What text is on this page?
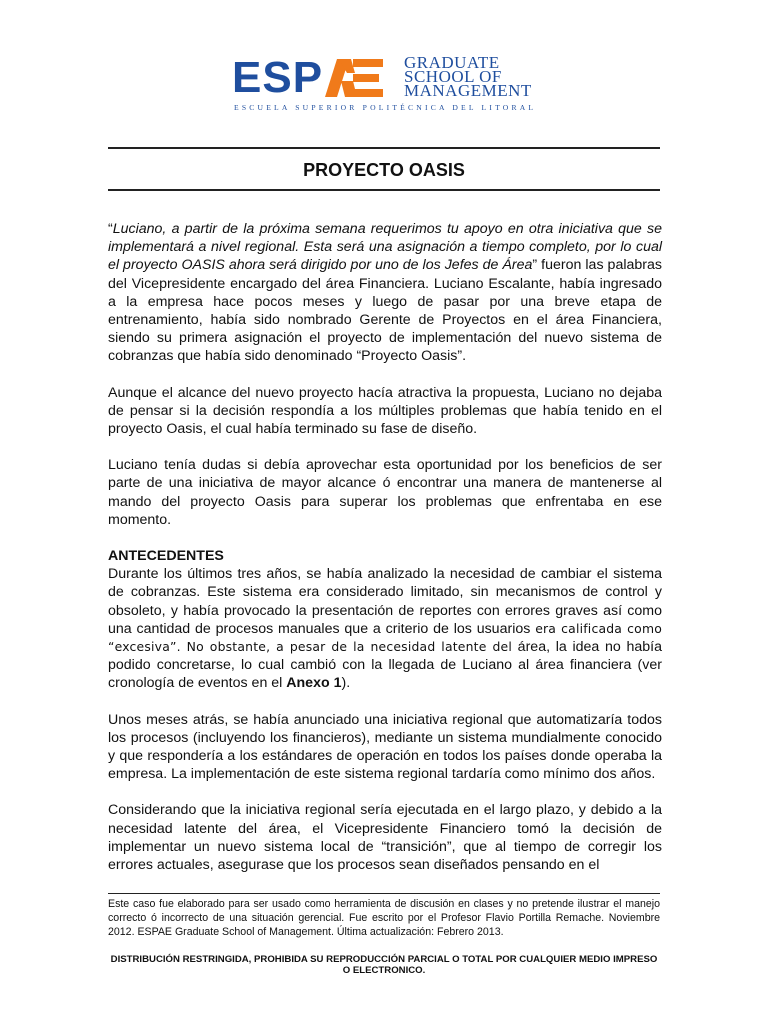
ESP	GRADUATE
SCHOOL OF
MANAGEMENT
ESCUELA SUPERIOR POLITÉCNICA DEL LITORAL
PROYECTO OASIS

“Luciano, a partir de la próxima semana requerimos tu apoyo en otra iniciativa que se implementará a nivel regional. Esta será una asignación a tiempo completo, por lo cual el proyecto OASIS ahora será dirigido por uno de los Jefes de Área” fueron las palabras del Vicepresidente encargado del área Financiera. Luciano Escalante, había ingresado a la empresa hace pocos meses y luego de pasar por una breve etapa de entrenamiento, había sido nombrado Gerente de Proyectos en el área Financiera, siendo su primera asignación el proyecto de implementación del nuevo sistema de cobranzas que había sido denominado “Proyecto Oasis”.

Aunque el alcance del nuevo proyecto hacía atractiva la propuesta, Luciano no dejaba de pensar si la decisión respondía a los múltiples problemas que había tenido en el proyecto Oasis, el cual había terminado su fase de diseño.

Luciano tenía dudas si debía aprovechar esta oportunidad por los beneficios de ser parte de una iniciativa de mayor alcance ó encontrar una manera de mantenerse al mando del proyecto Oasis para superar los problemas que enfrentaba en ese momento.

ANTECEDENTES

Durante los últimos tres años, se había analizado la necesidad de cambiar el sistema de cobranzas. Este sistema era considerado limitado, sin mecanismos de control y obsoleto, y había provocado la presentación de reportes con errores graves así como una cantidad de procesos manuales que a criterio de los usuarios era calificada como “excesiva”. No obstante, a pesar de la necesidad latente del área, la idea no había podido concretarse, lo cual cambió con la llegada de Luciano al área financiera (ver cronología de eventos en el Anexo 1).

Unos meses atrás, se había anunciado una iniciativa regional que automatizaría todos los procesos (incluyendo los financieros), mediante un sistema mundialmente conocido y que respondería a los estándares de operación en todos los países donde operaba la empresa. La implementación de este sistema regional tardaría como mínimo dos años.

Considerando que la iniciativa regional sería ejecutada en el largo plazo, y debido a la necesidad latente del área, el Vicepresidente Financiero tomó la decisión de implementar un nuevo sistema local de “transición”, que al tiempo de corregir los errores actuales, asegurase que los procesos sean diseñados pensando en el

Este caso fue elaborado para ser usado como herramienta de discusión en clases y no pretende ilustrar el manejo correcto ó incorrecto de una situación gerencial. Fue escrito por el Profesor Flavio Portilla Remache. Noviembre 2012. ESPAE Graduate School of Management. Última actualización: Febrero 2013.
DISTRIBUCIÓN RESTRINGIDA, PROHIBIDA SU REPRODUCCIÓN PARCIAL O TOTAL POR CUALQUIER MEDIO IMPRESO O ELECTRONICO.
